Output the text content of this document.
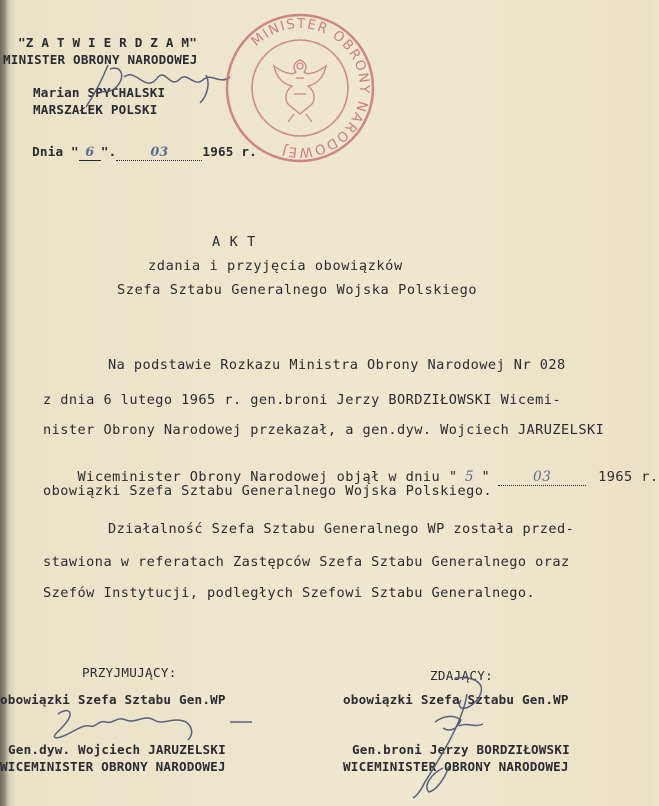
"Z A T W I E R D Z A M"
MINISTER OBRONY NARODOWEJ
Marian SPYCHALSKI
MARSZAŁEK POLSKI

Dnia " 6 ".	03	1965 r.

MINISTER OBRONY NARODOWEJ
A K T
zdania i przyjęcia obowiązków
Szefa Sztabu Generalnego Wojska Polskiego
Na podstawie Rozkazu Ministra Obrony Narodowej Nr 028
z dnia 6 lutego 1965 r. gen.broni Jerzy BORDZIŁOWSKI Wicemi-
nister Obrony Narodowej przekazał, a gen.dyw. Wojciech JARUZELSKI

Wiceminister Obrony Narodowej objął w dniu " 5 "	03	1965 r.

obowiązki Szefa Sztabu Generalnego Wojska Polskiego.
Działalność Szefa Sztabu Generalnego WP została przed-
stawiona w referatach Zastępców Szefa Sztabu Generalnego oraz
Szefów Instytucji, podległych Szefowi Sztabu Generalnego.
PRZYJMUJĄCY:
obowiązki Szefa Sztabu Gen.WP
Gen.dyw. Wojciech JARUZELSKI
WICEMINISTER OBRONY NARODOWEJ
ZDAJĄCY:
obowiązki Szefa Sztabu Gen.WP
Gen.broni Jerzy BORDZIŁOWSKI
WICEMINISTER OBRONY NARODOWEJ
